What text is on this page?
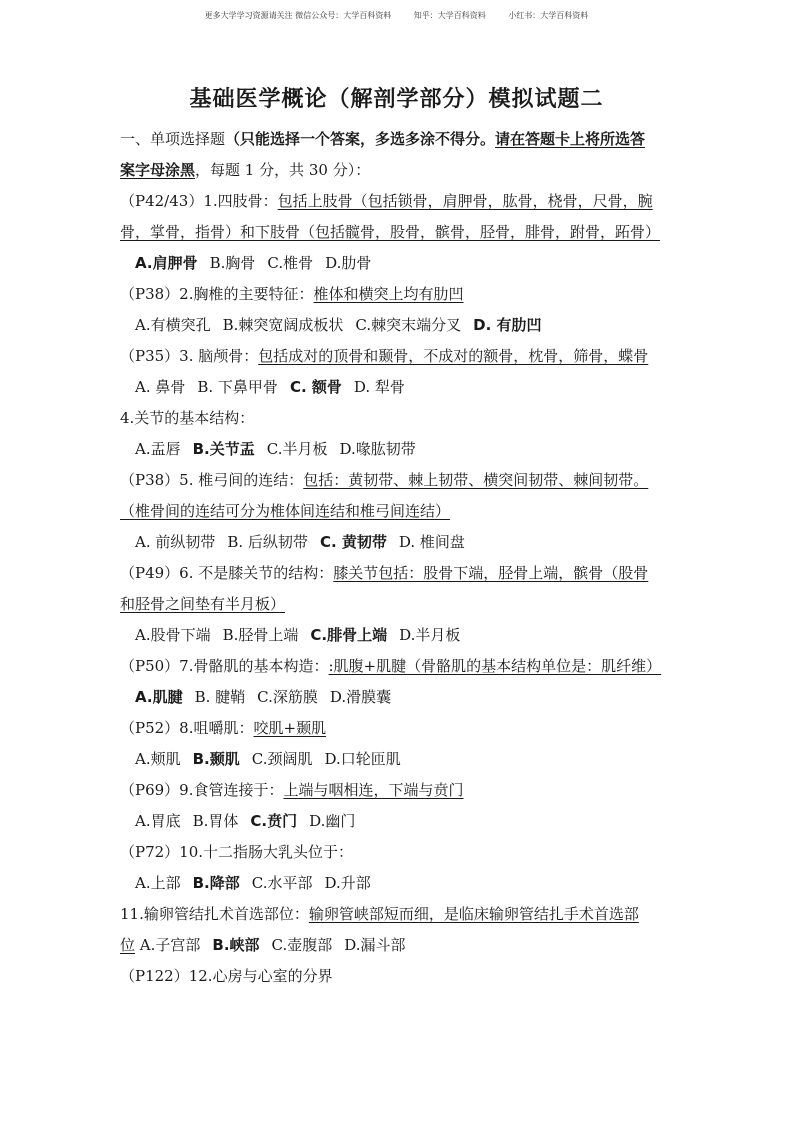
更多大学学习资源请关注 微信公众号：大学百科资料	知乎：大学百科资料	小红书：大学百科资料
基础医学概论（解剖学部分）模拟试题二
一、单项选择题（只能选择一个答案，多选多涂不得分。请在答题卡上将所选答
案字母涂黑，每题 1 分，共 30 分）：
（P42/43）1.四肢骨：包括上肢骨（包括锁骨，肩胛骨，肱骨，桡骨，尺骨，腕
骨，掌骨，指骨）和下肢骨（包括髋骨，股骨，髌骨，胫骨，腓骨，跗骨，跖骨）
A.肩胛骨 B.胸骨 C.椎骨 D.肋骨
（P38）2.胸椎的主要特征：椎体和横突上均有肋凹
A.有横突孔 B.棘突宽阔成板状 C.棘突末端分叉 D. 有肋凹
（P35）3. 脑颅骨：包括成对的顶骨和颞骨，不成对的额骨，枕骨，筛骨，蝶骨
A. 鼻骨 B. 下鼻甲骨 C. 额骨 D. 犁骨
4.关节的基本结构：
A.盂唇 B.关节盂 C.半月板 D.喙肱韧带
（P38）5. 椎弓间的连结：包括：黄韧带、棘上韧带、横突间韧带、棘间韧带。
（椎骨间的连结可分为椎体间连结和椎弓间连结）
A. 前纵韧带 B. 后纵韧带 C. 黄韧带 D. 椎间盘
（P49）6. 不是膝关节的结构：膝关节包括：股骨下端，胫骨上端，髌骨（股骨
和胫骨之间垫有半月板）
A.股骨下端 B.胫骨上端 C.腓骨上端 D.半月板
（P50）7.骨骼肌的基本构造：:肌腹+肌腱（骨骼肌的基本结构单位是：肌纤维）
A.肌腱 B. 腱鞘 C.深筋膜 D.滑膜囊
（P52）8.咀嚼肌：咬肌+颞肌
A.颊肌 B.颞肌 C.颈阔肌 D.口轮匝肌
（P69）9.食管连接于：上端与咽相连，下端与贲门
A.胃底 B.胃体 C.贲门 D.幽门
（P72）10.十二指肠大乳头位于：
A.上部 B.降部 C.水平部 D.升部
11.输卵管结扎术首选部位：输卵管峡部短而细，是临床输卵管结扎手术首选部
位 A.子宫部 B.峡部 C.壶腹部 D.漏斗部
（P122）12.心房与心室的分界
